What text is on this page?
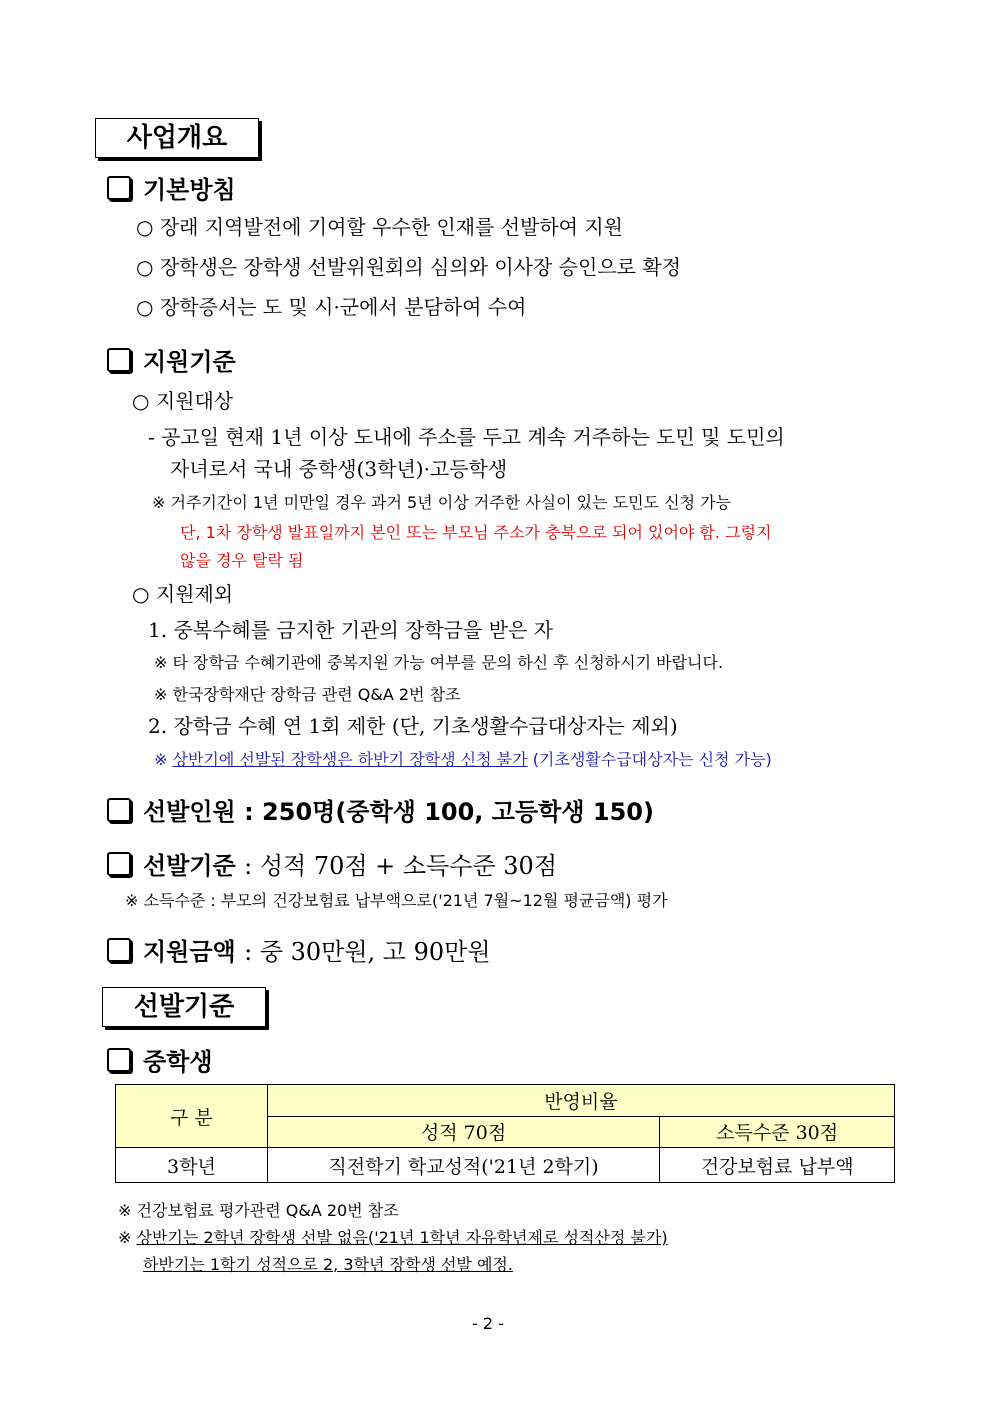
사업개요
기본방침
○ 장래 지역발전에 기여할 우수한 인재를 선발하여 지원
○ 장학생은 장학생 선발위원회의 심의와 이사장 승인으로 확정
○ 장학증서는 도 및 시·군에서 분담하여 수여
지원기준
○ 지원대상
- 공고일 현재 1년 이상 도내에 주소를 두고 계속 거주하는 도민 및 도민의
자녀로서 국내 중학생(3학년)·고등학생
※ 거주기간이 1년 미만일 경우 과거 5년 이상 거주한 사실이 있는 도민도 신청 가능
단, 1차 장학생 발표일까지 본인 또는 부모님 주소가 충북으로 되어 있어야 함. 그렇지
않을 경우 탈락 됨
○ 지원제외
1. 중복수혜를 금지한 기관의 장학금을 받은 자
※ 타 장학금 수혜기관에 중복지원 가능 여부를 문의 하신 후 신청하시기 바랍니다.
※ 한국장학재단 장학금 관련 Q&A 2번 참조
2. 장학금 수혜 연 1회 제한 (단, 기초생활수급대상자는 제외)
※ 상반기에 선발된 장학생은 하반기 장학생 신청 불가 (기초생활수급대상자는 신청 가능)
선발인원 : 250명(중학생 100, 고등학생 150)
선발기준 : 성적 70점 + 소득수준 30점
※ 소득수준 : 부모의 건강보험료 납부액으로('21년 7월~12월 평균금액) 평가
지원금액 : 중 30만원, 고 90만원
선발기준
중학생
구 분	반영비율	
	성적 70점	소득수준 30점
3학년	직전학기 학교성적('21년 2학기)	건강보험료 납부액
※ 건강보험료 평가관련 Q&A 20번 참조
※ 상반기는 2학년 장학생 선발 없음('21년 1학년 자유학년제로 성적산정 불가)
하반기는 1학기 성적으로 2, 3학년 장학생 선발 예정.
- 2 -
